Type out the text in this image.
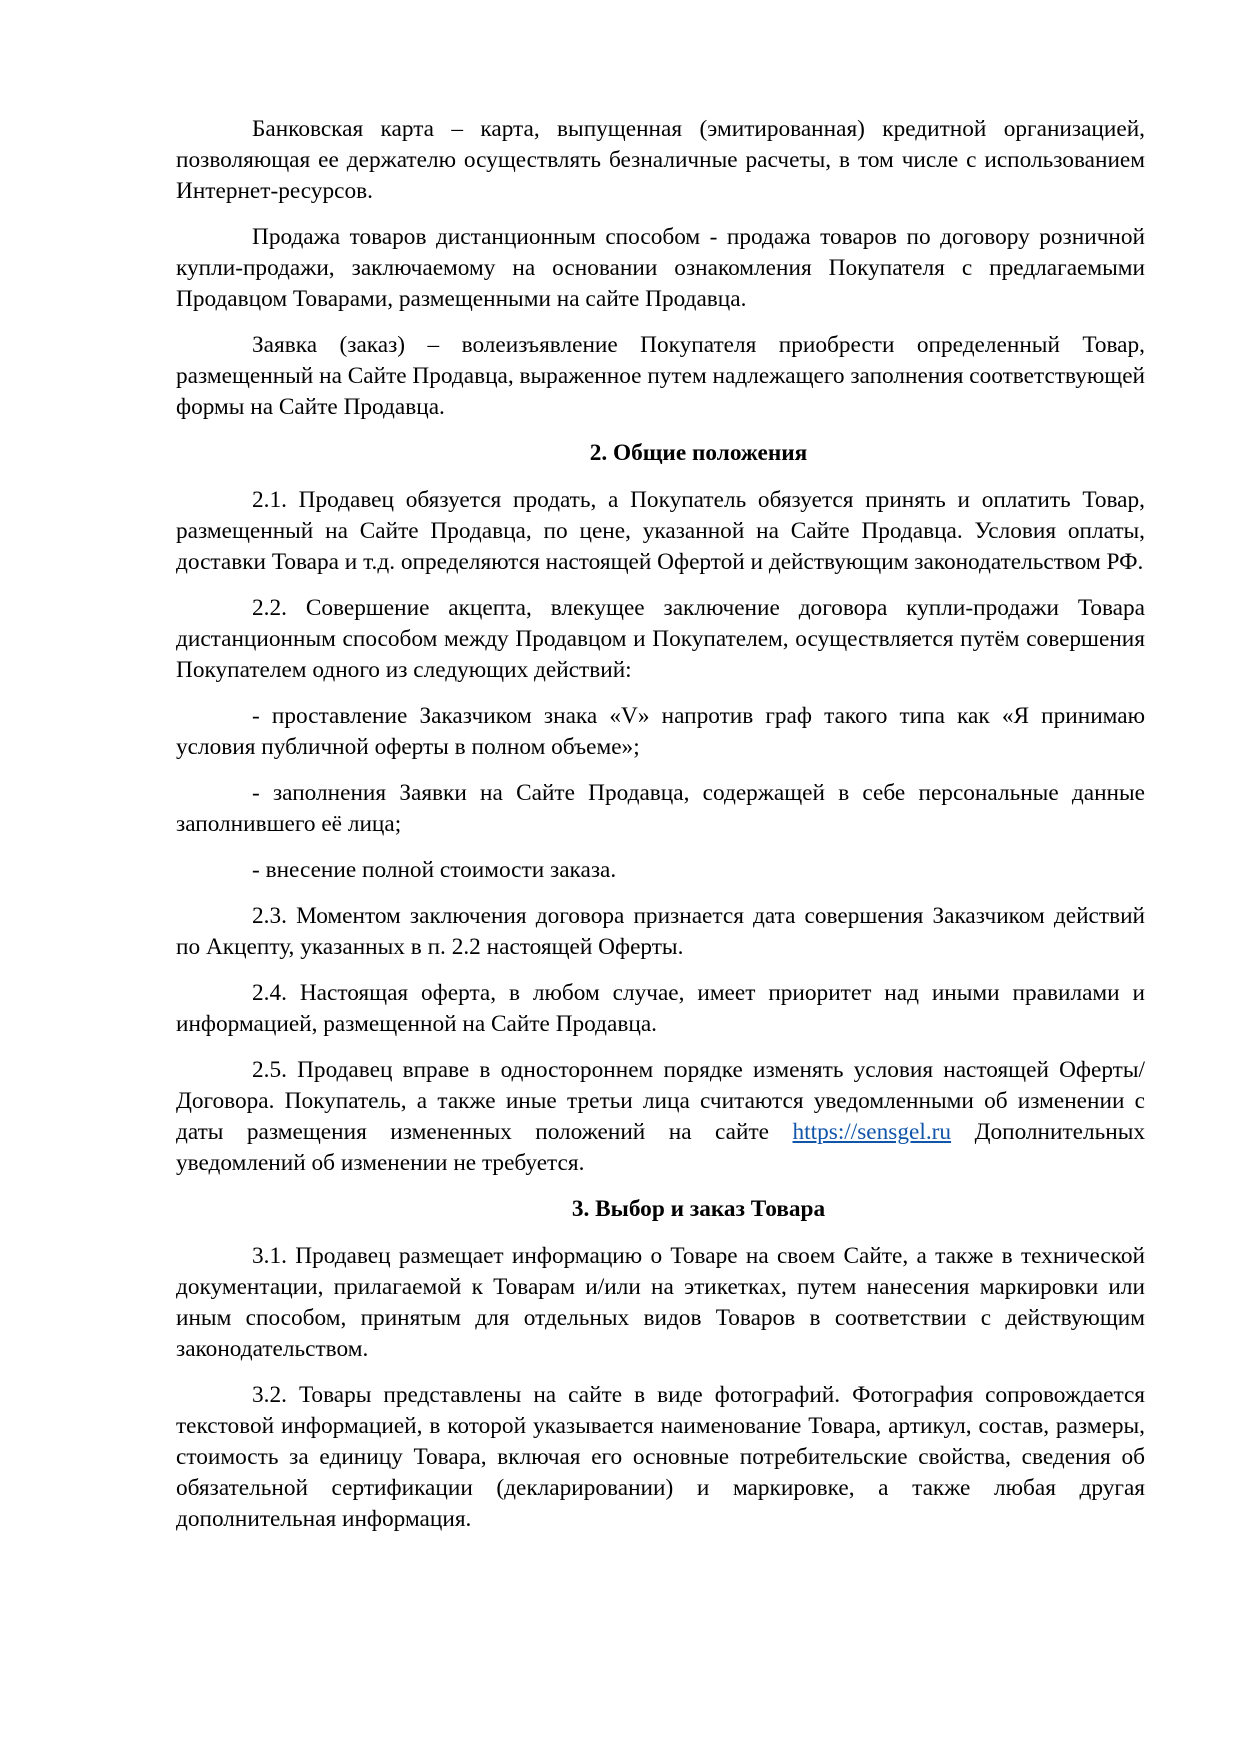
Банковская карта – карта, выпущенная (эмитированная) кредитной организацией, позволяющая ее держателю осуществлять безналичные расчеты, в том числе с использованием Интернет-ресурсов.

Продажа товаров дистанционным способом - продажа товаров по договору розничной купли-продажи, заключаемому на основании ознакомления Покупателя с предлагаемыми Продавцом Товарами, размещенными на сайте Продавца.

Заявка (заказ) – волеизъявление Покупателя приобрести определенный Товар, размещенный на Сайте Продавца, выраженное путем надлежащего заполнения соответствующей формы на Сайте Продавца.

2. Общие положения

2.1. Продавец обязуется продать, а Покупатель обязуется принять и оплатить Товар, размещенный на Сайте Продавца, по цене, указанной на Сайте Продавца. Условия оплаты, доставки Товара и т.д. определяются настоящей Офертой и действующим законодательством РФ.

2.2. Совершение акцепта, влекущее заключение договора купли-продажи Товара дистанционным способом между Продавцом и Покупателем, осуществляется путём совершения Покупателем одного из следующих действий:

- проставление Заказчиком знака «V» напротив граф такого типа как «Я принимаю условия публичной оферты в полном объеме»;

- заполнения Заявки на Сайте Продавца, содержащей в себе персональные данные заполнившего её лица;

- внесение полной стоимости заказа.

2.3. Моментом заключения договора признается дата совершения Заказчиком действий по Акцепту, указанных в п. 2.2 настоящей Оферты.

2.4. Настоящая оферта, в любом случае, имеет приоритет над иными правилами и информацией, размещенной на Сайте Продавца.

2.5. Продавец вправе в одностороннем порядке изменять условия настоящей Оферты/Договора. Покупатель, а также иные третьи лица считаются уведомленными об изменении с даты размещения измененных положений на сайте https://sensgel.ru Дополнительных уведомлений об изменении не требуется.

3. Выбор и заказ Товара

3.1. Продавец размещает информацию о Товаре на своем Сайте, а также в технической документации, прилагаемой к Товарам и/или на этикетках, путем нанесения маркировки или иным способом, принятым для отдельных видов Товаров в соответствии с действующим законодательством.

3.2. Товары представлены на сайте в виде фотографий. Фотография сопровождается текстовой информацией, в которой указывается наименование Товара, артикул, состав, размеры, стоимость за единицу Товара, включая его основные потребительские свойства, сведения об обязательной сертификации (декларировании) и маркировке, а также любая другая дополнительная информация.
